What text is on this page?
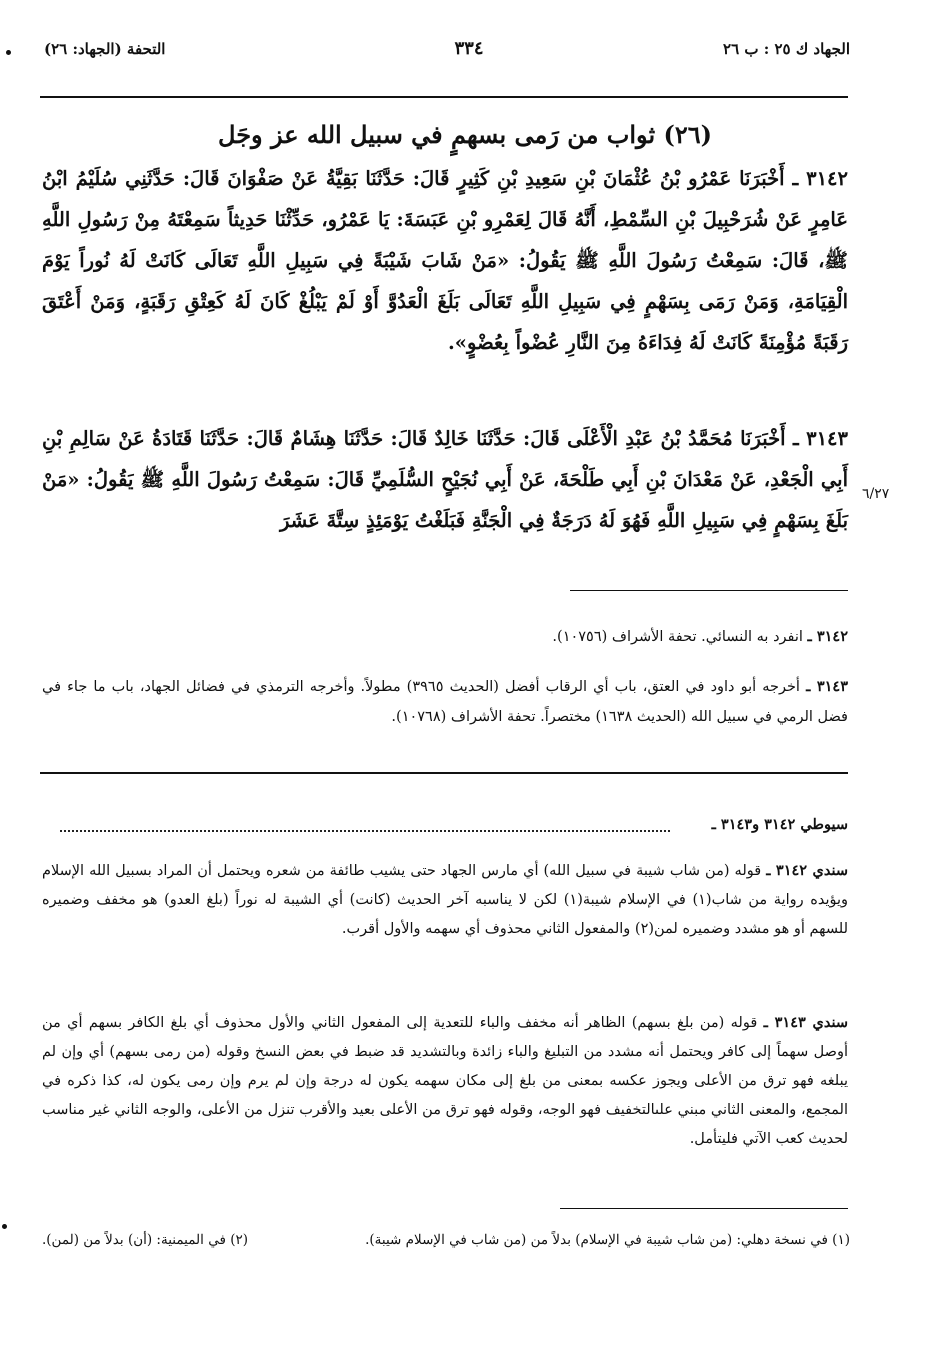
الجهاد ك ٢٥ : ب ٢٦
٣٣٤
التحفة (الجهاد: ٢٦)
(٢٦) ثواب من رَمى بسهمٍ في سبيل الله عز وجَل
٣١٤٢ ـ أَخْبَرَنَا عَمْرُو بْنُ عُثْمَانَ بْنِ سَعِيدِ بْنِ كَثِيرٍ قَالَ: حَدَّثَنَا بَقِيَّةُ عَنْ صَفْوَانَ قَالَ: حَدَّثَنِي سُلَيْمُ ابْنُ عَامِرٍ عَنْ شُرَحْبِيلَ بْنِ السِّمْطِ، أَنَّهُ قَالَ لِعَمْرِو بْنِ عَبَسَةَ: يَا عَمْرُو، حَدِّثْنَا حَدِيثاً سَمِعْتَهُ مِنْ رَسُولِ اللَّهِ ﷺ، قَالَ: سَمِعْتُ رَسُولَ اللَّهِ ﷺ يَقُولُ: «مَنْ شَابَ شَيْبَةً فِي سَبِيلِ اللَّهِ تَعَالَى كَانَتْ لَهُ نُوراً يَوْمَ الْقِيَامَةِ، وَمَنْ رَمَى بِسَهْمٍ فِي سَبِيلِ اللَّهِ تَعَالَى بَلَغَ الْعَدُوَّ أَوْ لَمْ يَبْلُغْ كَانَ لَهُ كَعِتْقِ رَقَبَةٍ، وَمَنْ أَعْتَقَ رَقَبَةً مُؤْمِنَةً كَانَتْ لَهُ فِدَاءَهُ مِنَ النَّارِ عُضْواً بِعُضْوٍ».
٣١٤٣ ـ أَخْبَرَنَا مُحَمَّدُ بْنُ عَبْدِ الْأَعْلَى قَالَ: حَدَّثَنَا خَالِدٌ قَالَ: حَدَّثَنَا هِشَامٌ قَالَ: حَدَّثَنَا قَتَادَةُ عَنْ سَالِمِ بْنِ أَبِي الْجَعْدِ، عَنْ مَعْدَانَ بْنِ أَبِي طَلْحَةَ، عَنْ أَبِي نُجَيْحٍ السُّلَمِيِّ قَالَ: سَمِعْتُ رَسُولَ اللَّهِ ﷺ يَقُولُ: «مَنْ بَلَغَ بِسَهْمٍ فِي سَبِيلِ اللَّهِ فَهُوَ لَهُ دَرَجَةٌ فِي الْجَنَّةِ فَبَلَغْتُ يَوْمَئِذٍ سِتَّةَ عَشَرَ
٦/٢٧
٣١٤٢ ـ انفرد به النسائي. تحفة الأشراف (١٠٧٥٦).
٣١٤٣ ـ أخرجه أبو داود في العتق، باب أي الرقاب أفضل (الحديث ٣٩٦٥) مطولاً. وأخرجه الترمذي في فضائل الجهاد، باب ما جاء في فضل الرمي في سبيل الله (الحديث ١٦٣٨) مختصراً. تحفة الأشراف (١٠٧٦٨).
سيوطي ٣١٤٢ و٣١٤٣ ـ
سندي ٣١٤٢ ـ قوله (من شاب شيبة في سبيل الله) أي مارس الجهاد حتى يشيب طائفة من شعره ويحتمل أن المراد بسبيل الله الإسلام ويؤيده رواية من شاب(١) في الإسلام شيبة(١) لكن لا يناسبه آخر الحديث (كانت) أي الشيبة له نوراً (بلغ العدو) هو مخفف وضميره للسهم أو هو مشدد وضميره لمن(٢) والمفعول الثاني محذوف أي سهمه والأول أقرب.
سندي ٣١٤٣ ـ قوله (من بلغ بسهم) الظاهر أنه مخفف والباء للتعدية إلى المفعول الثاني والأول محذوف أي بلغ الكافر بسهم أي من أوصل سهماً إلى كافر ويحتمل أنه مشدد من التبليغ والباء زائدة وبالتشديد قد ضبط في بعض النسخ وقوله (من رمى بسهم) أي وإن لم يبلغه فهو ترق من الأعلى ويجوز عكسه بمعنى من بلغ إلى مكان سهمه يكون له درجة وإن لم يرم وإن رمى يكون له، كذا ذكره في المجمع، والمعنى الثاني مبني علىالتخفيف فهو الوجه، وقوله فهو ترق من الأعلى بعيد والأقرب تنزل من الأعلى، والوجه الثاني غير مناسب لحديث كعب الآتي فليتأمل.
(١) في نسخة دهلي: (من شاب شيبة في الإسلام) بدلاً من (من شاب في الإسلام شيبة).
(٢) في الميمنية: (أن) بدلاً من (لمن).
